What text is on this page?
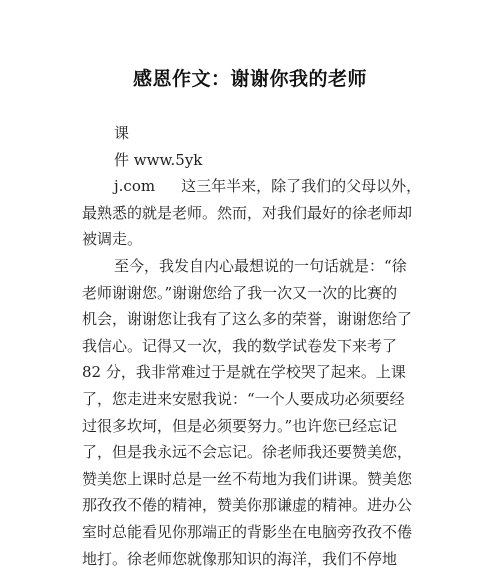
感恩作文：谢谢你我的老师
课
件 www.5yk
j.com 这三年半来，除了我们的父母以外，
最熟悉的就是老师。然而，对我们最好的徐老师却
被调走。
至今，我发自内心最想说的一句话就是：“徐
老师谢谢您。”谢谢您给了我一次又一次的比赛的
机会，谢谢您让我有了这么多的荣誉，谢谢您给了
我信心。记得又一次，我的数学试卷发下来考了
82 分，我非常难过于是就在学校哭了起来。上课
了，您走进来安慰我说：“一个人要成功必须要经
过很多坎坷，但是必须要努力。”也许您已经忘记
了，但是我永远不会忘记。徐老师我还要赞美您，
赞美您上课时总是一丝不苟地为我们讲课。赞美您
那孜孜不倦的精神，赞美你那谦虚的精神。进办公
室时总能看见你那端正的背影坐在电脑旁孜孜不倦
地打。徐老师您就像那知识的海洋，我们不停地
